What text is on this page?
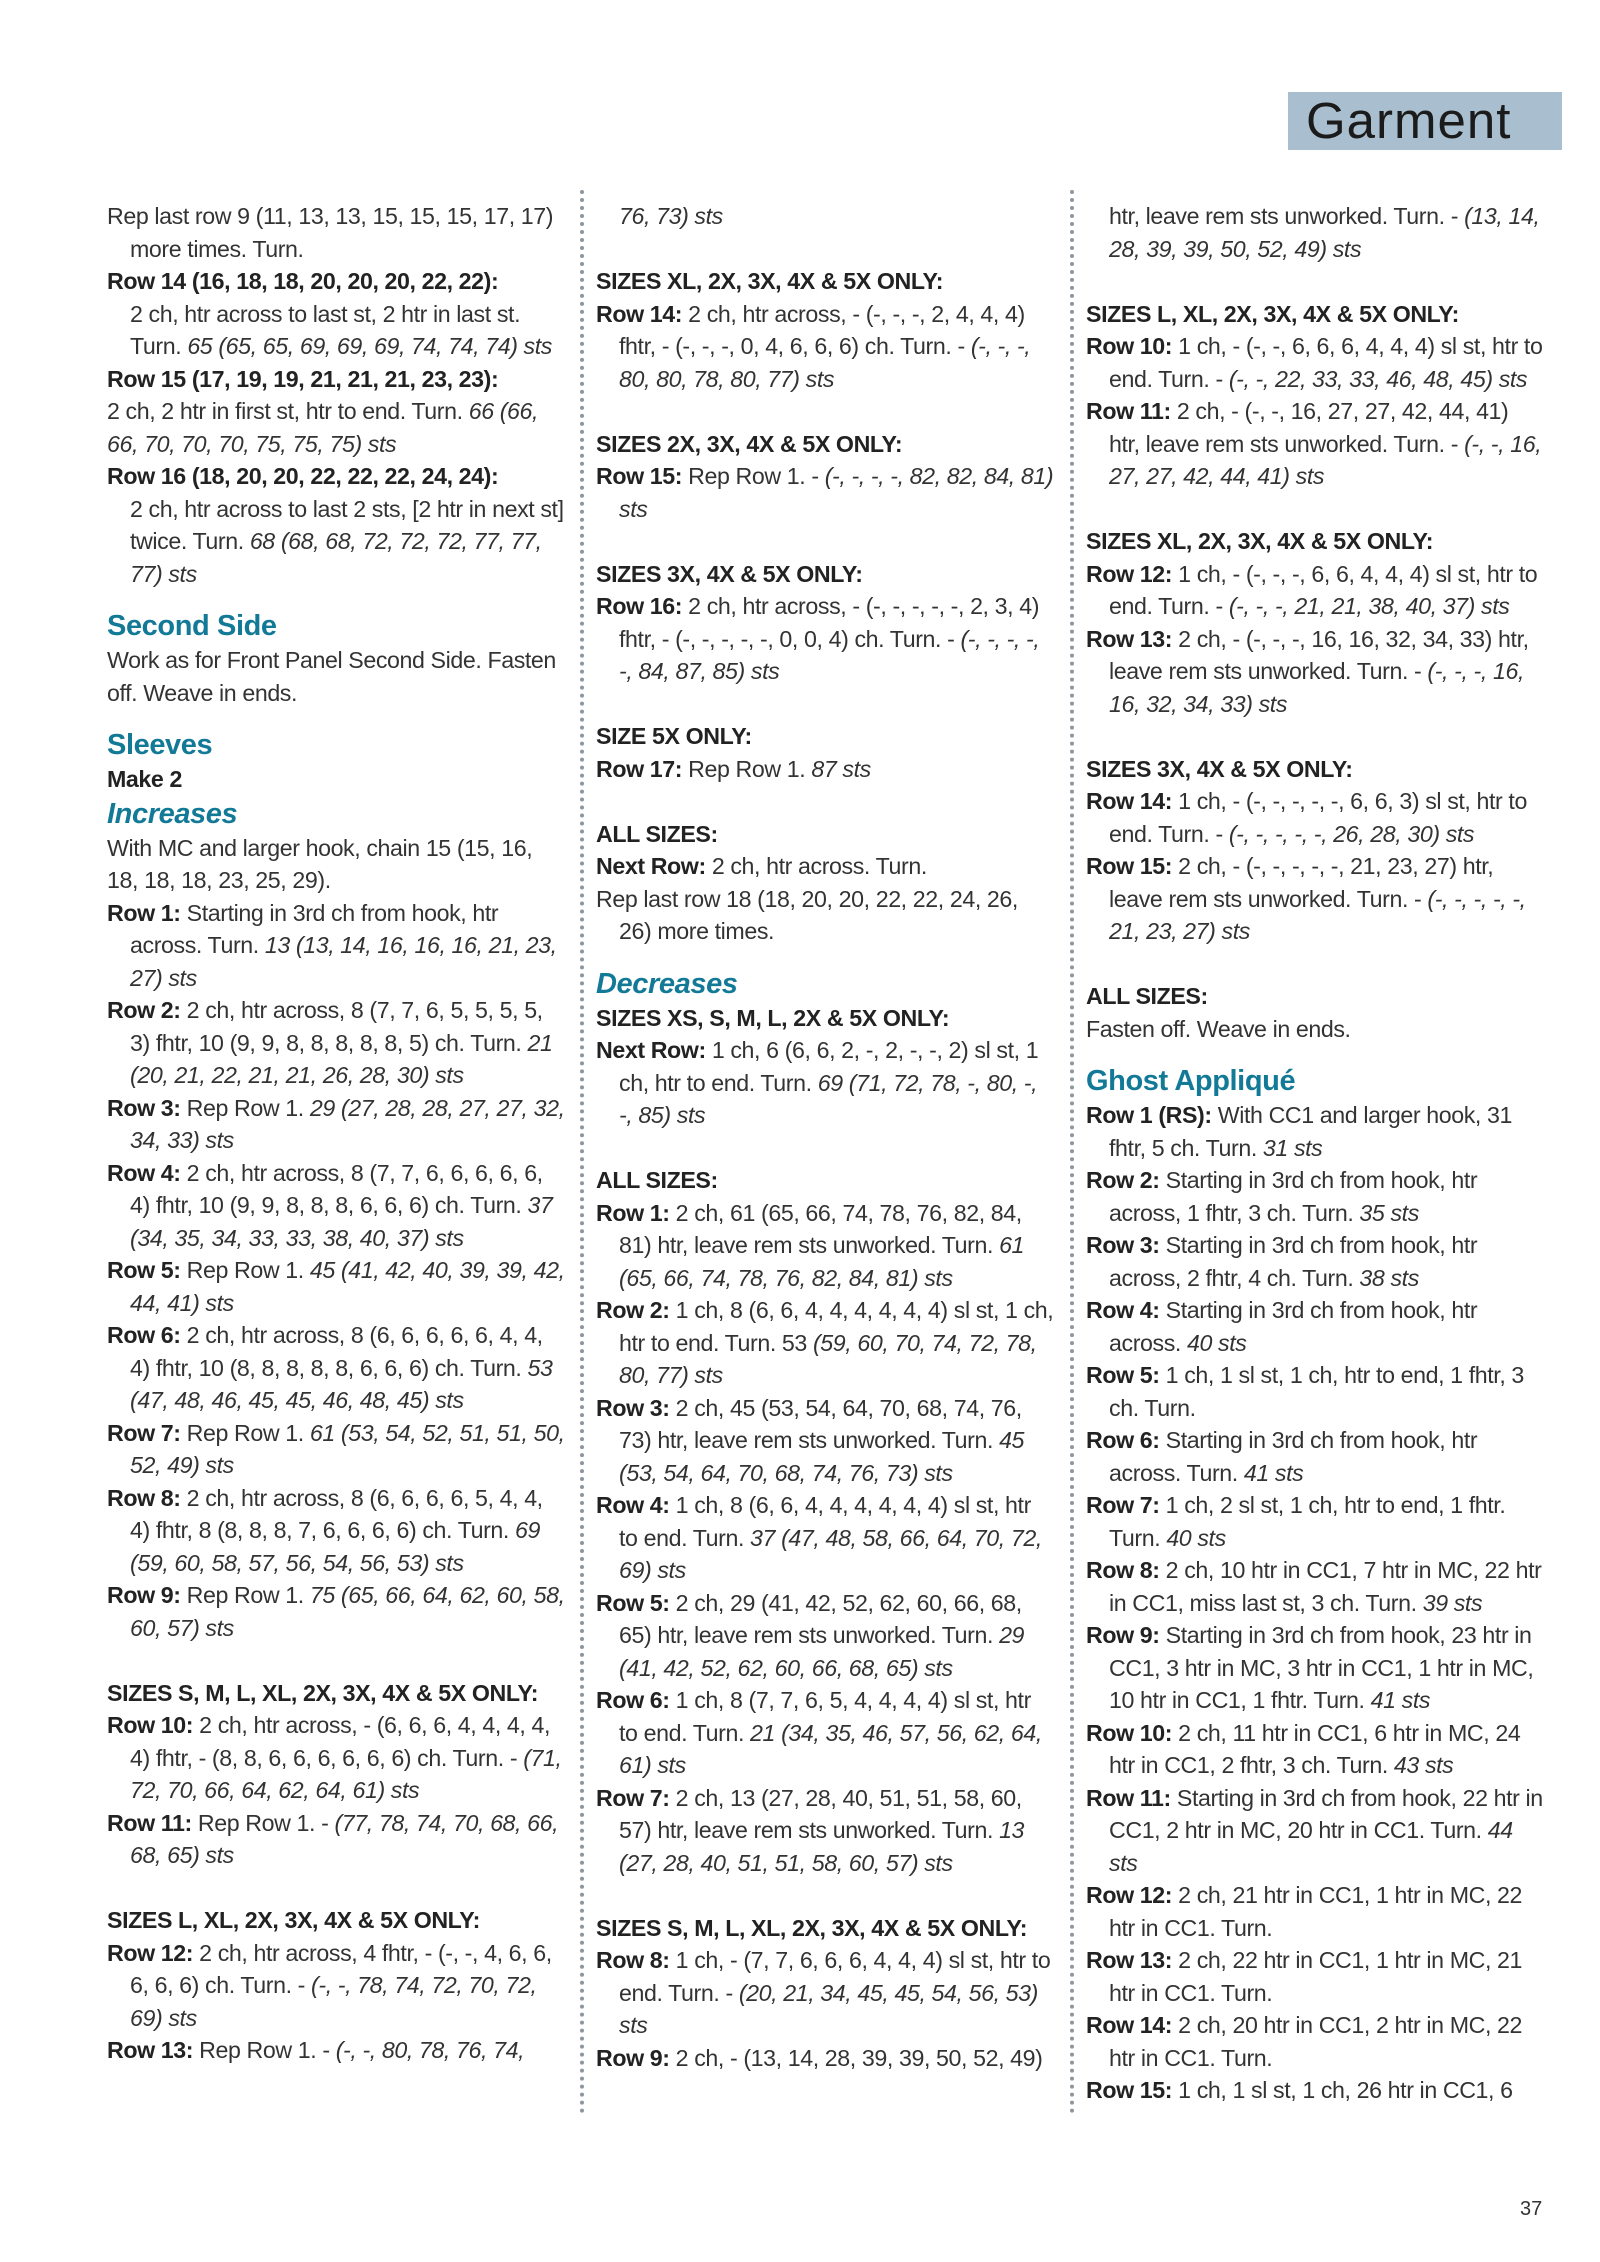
Garment

Rep last row 9 (11, 13, 13, 15, 15, 15, 17, 17) more times. Turn.

Row 14 (16, 18, 18, 20, 20, 20, 22, 22):

2 ch, htr across to last st, 2 htr in last st. Turn. 65 (65, 65, 69, 69, 69, 74, 74, 74) sts

Row 15 (17, 19, 19, 21, 21, 21, 23, 23):

2 ch, 2 htr in first st, htr to end. Turn. 66 (66, 66, 70, 70, 70, 75, 75, 75) sts

Row 16 (18, 20, 20, 22, 22, 22, 24, 24):

2 ch, htr across to last 2 sts, [2 htr in next st] twice. Turn. 68 (68, 68, 72, 72, 72, 77, 77, 77) sts

Second Side

Work as for Front Panel Second Side. Fasten off. Weave in ends.

Sleeves

Make 2

Increases

With MC and larger hook, chain 15 (15, 16, 18, 18, 18, 23, 25, 29).

Row 1: Starting in 3rd ch from hook, htr across. Turn. 13 (13, 14, 16, 16, 16, 21, 23, 27) sts

Row 2: 2 ch, htr across, 8 (7, 7, 6, 5, 5, 5, 5, 3) fhtr, 10 (9, 9, 8, 8, 8, 8, 8, 5) ch. Turn. 21 (20, 21, 22, 21, 21, 26, 28, 30) sts

Row 3: Rep Row 1. 29 (27, 28, 28, 27, 27, 32, 34, 33) sts

Row 4: 2 ch, htr across, 8 (7, 7, 6, 6, 6, 6, 6, 4) fhtr, 10 (9, 9, 8, 8, 8, 6, 6, 6) ch. Turn. 37 (34, 35, 34, 33, 33, 38, 40, 37) sts

Row 5: Rep Row 1. 45 (41, 42, 40, 39, 39, 42, 44, 41) sts

Row 6: 2 ch, htr across, 8 (6, 6, 6, 6, 6, 4, 4, 4) fhtr, 10 (8, 8, 8, 8, 8, 6, 6, 6) ch. Turn. 53 (47, 48, 46, 45, 45, 46, 48, 45) sts

Row 7: Rep Row 1. 61 (53, 54, 52, 51, 51, 50, 52, 49) sts

Row 8: 2 ch, htr across, 8 (6, 6, 6, 6, 5, 4, 4, 4) fhtr, 8 (8, 8, 8, 7, 6, 6, 6, 6) ch. Turn. 69 (59, 60, 58, 57, 56, 54, 56, 53) sts

Row 9: Rep Row 1. 75 (65, 66, 64, 62, 60, 58, 60, 57) sts

SIZES S, M, L, XL, 2X, 3X, 4X & 5X ONLY:

Row 10: 2 ch, htr across, - (6, 6, 6, 4, 4, 4, 4, 4) fhtr, - (8, 8, 6, 6, 6, 6, 6, 6) ch. Turn. - (71, 72, 70, 66, 64, 62, 64, 61) sts

Row 11: Rep Row 1. - (77, 78, 74, 70, 68, 66, 68, 65) sts

SIZES L, XL, 2X, 3X, 4X & 5X ONLY:

Row 12: 2 ch, htr across, 4 fhtr, - (-, -, 4, 6, 6, 6, 6, 6) ch. Turn. - (-, -, 78, 74, 72, 70, 72, 69) sts

Row 13: Rep Row 1. - (-, -, 80, 78, 76, 74,

76, 73) sts

SIZES XL, 2X, 3X, 4X & 5X ONLY:

Row 14: 2 ch, htr across, - (-, -, -, 2, 4, 4, 4) fhtr, - (-, -, -, 0, 4, 6, 6, 6) ch. Turn. - (-, -, -, 80, 80, 78, 80, 77) sts

SIZES 2X, 3X, 4X & 5X ONLY:

Row 15: Rep Row 1. - (-, -, -, -, 82, 82, 84, 81) sts

SIZES 3X, 4X & 5X ONLY:

Row 16: 2 ch, htr across, - (-, -, -, -, -, 2, 3, 4) fhtr, - (-, -, -, -, -, 0, 0, 4) ch. Turn. - (-, -, -, -, -, 84, 87, 85) sts

SIZE 5X ONLY:

Row 17: Rep Row 1. 87 sts

ALL SIZES:

Next Row: 2 ch, htr across. Turn.

Rep last row 18 (18, 20, 20, 22, 22, 24, 26, 26) more times.

Decreases

SIZES XS, S, M, L, 2X & 5X ONLY:

Next Row: 1 ch, 6 (6, 6, 2, -, 2, -, -, 2) sl st, 1 ch, htr to end. Turn. 69 (71, 72, 78, -, 80, -, -, 85) sts

ALL SIZES:

Row 1: 2 ch, 61 (65, 66, 74, 78, 76, 82, 84, 81) htr, leave rem sts unworked. Turn. 61 (65, 66, 74, 78, 76, 82, 84, 81) sts

Row 2: 1 ch, 8 (6, 6, 4, 4, 4, 4, 4, 4) sl st, 1 ch, htr to end. Turn. 53 (59, 60, 70, 74, 72, 78, 80, 77) sts

Row 3: 2 ch, 45 (53, 54, 64, 70, 68, 74, 76, 73) htr, leave rem sts unworked. Turn. 45 (53, 54, 64, 70, 68, 74, 76, 73) sts

Row 4: 1 ch, 8 (6, 6, 4, 4, 4, 4, 4, 4) sl st, htr to end. Turn. 37 (47, 48, 58, 66, 64, 70, 72, 69) sts

Row 5: 2 ch, 29 (41, 42, 52, 62, 60, 66, 68, 65) htr, leave rem sts unworked. Turn. 29 (41, 42, 52, 62, 60, 66, 68, 65) sts

Row 6: 1 ch, 8 (7, 7, 6, 5, 4, 4, 4, 4) sl st, htr to end. Turn. 21 (34, 35, 46, 57, 56, 62, 64, 61) sts

Row 7: 2 ch, 13 (27, 28, 40, 51, 51, 58, 60, 57) htr, leave rem sts unworked. Turn. 13 (27, 28, 40, 51, 51, 58, 60, 57) sts

SIZES S, M, L, XL, 2X, 3X, 4X & 5X ONLY:

Row 8: 1 ch, - (7, 7, 6, 6, 6, 4, 4, 4) sl st, htr to end. Turn. - (20, 21, 34, 45, 45, 54, 56, 53) sts

Row 9: 2 ch, - (13, 14, 28, 39, 39, 50, 52, 49)

htr, leave rem sts unworked. Turn. - (13, 14, 28, 39, 39, 50, 52, 49) sts

SIZES L, XL, 2X, 3X, 4X & 5X ONLY:

Row 10: 1 ch, - (-, -, 6, 6, 6, 4, 4, 4) sl st, htr to end. Turn. - (-, -, 22, 33, 33, 46, 48, 45) sts

Row 11: 2 ch, - (-, -, 16, 27, 27, 42, 44, 41) htr, leave rem sts unworked. Turn. - (-, -, 16, 27, 27, 42, 44, 41) sts

SIZES XL, 2X, 3X, 4X & 5X ONLY:

Row 12: 1 ch, - (-, -, -, 6, 6, 4, 4, 4) sl st, htr to end. Turn. - (-, -, -, 21, 21, 38, 40, 37) sts

Row 13: 2 ch, - (-, -, -, 16, 16, 32, 34, 33) htr, leave rem sts unworked. Turn. - (-, -, -, 16, 16, 32, 34, 33) sts

SIZES 3X, 4X & 5X ONLY:

Row 14: 1 ch, - (-, -, -, -, -, 6, 6, 3) sl st, htr to end. Turn. - (-, -, -, -, -, 26, 28, 30) sts

Row 15: 2 ch, - (-, -, -, -, -, 21, 23, 27) htr, leave rem sts unworked. Turn. - (-, -, -, -, -, 21, 23, 27) sts

ALL SIZES:

Fasten off. Weave in ends.

Ghost Appliqué

Row 1 (RS): With CC1 and larger hook, 31 fhtr, 5 ch. Turn. 31 sts

Row 2: Starting in 3rd ch from hook, htr across, 1 fhtr, 3 ch. Turn. 35 sts

Row 3: Starting in 3rd ch from hook, htr across, 2 fhtr, 4 ch. Turn. 38 sts

Row 4: Starting in 3rd ch from hook, htr across. 40 sts

Row 5: 1 ch, 1 sl st, 1 ch, htr to end, 1 fhtr, 3 ch. Turn.

Row 6: Starting in 3rd ch from hook, htr across. Turn. 41 sts

Row 7: 1 ch, 2 sl st, 1 ch, htr to end, 1 fhtr. Turn. 40 sts

Row 8: 2 ch, 10 htr in CC1, 7 htr in MC, 22 htr in CC1, miss last st, 3 ch. Turn. 39 sts

Row 9: Starting in 3rd ch from hook, 23 htr in CC1, 3 htr in MC, 3 htr in CC1, 1 htr in MC, 10 htr in CC1, 1 fhtr. Turn. 41 sts

Row 10: 2 ch, 11 htr in CC1, 6 htr in MC, 24 htr in CC1, 2 fhtr, 3 ch. Turn. 43 sts

Row 11: Starting in 3rd ch from hook, 22 htr in CC1, 2 htr in MC, 20 htr in CC1. Turn. 44 sts

Row 12: 2 ch, 21 htr in CC1, 1 htr in MC, 22 htr in CC1. Turn.

Row 13: 2 ch, 22 htr in CC1, 1 htr in MC, 21 htr in CC1. Turn.

Row 14: 2 ch, 20 htr in CC1, 2 htr in MC, 22 htr in CC1. Turn.

Row 15: 1 ch, 1 sl st, 1 ch, 26 htr in CC1, 6

37
